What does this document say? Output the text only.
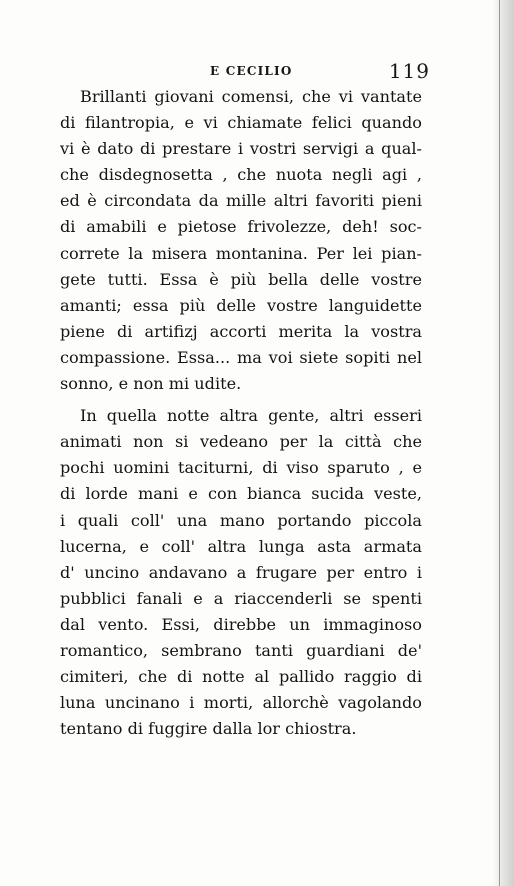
E CECILIO	119

Brillanti giovani comensi, che vi vantate
di filantropia, e vi chiamate felici quando
vi è dato di prestare i vostri servigi a qual-
che disdegnosetta , che nuota negli agi ,
ed è circondata da mille altri favoriti pieni
di amabili e pietose frivolezze, deh! soc-
correte la misera montanina. Per lei pian-
gete tutti. Essa è più bella delle vostre
amanti; essa più delle vostre languidette
piene di artifizj accorti merita la vostra
compassione. Essa... ma voi siete sopiti nel
sonno, e non mi udite.

In quella notte altra gente, altri esseri
animati non si vedeano per la città che
pochi uomini taciturni, di viso sparuto , e
di lorde mani e con bianca sucida veste,
i quali coll' una mano portando piccola
lucerna, e coll' altra lunga asta armata
d' uncino andavano a frugare per entro i
pubblici fanali e a riaccenderli se spenti
dal vento. Essi, direbbe un immaginoso
romantico, sembrano tanti guardiani de'
cimiteri, che di notte al pallido raggio di
luna uncinano i morti, allorchè vagolando
tentano di fuggire dalla lor chiostra.
